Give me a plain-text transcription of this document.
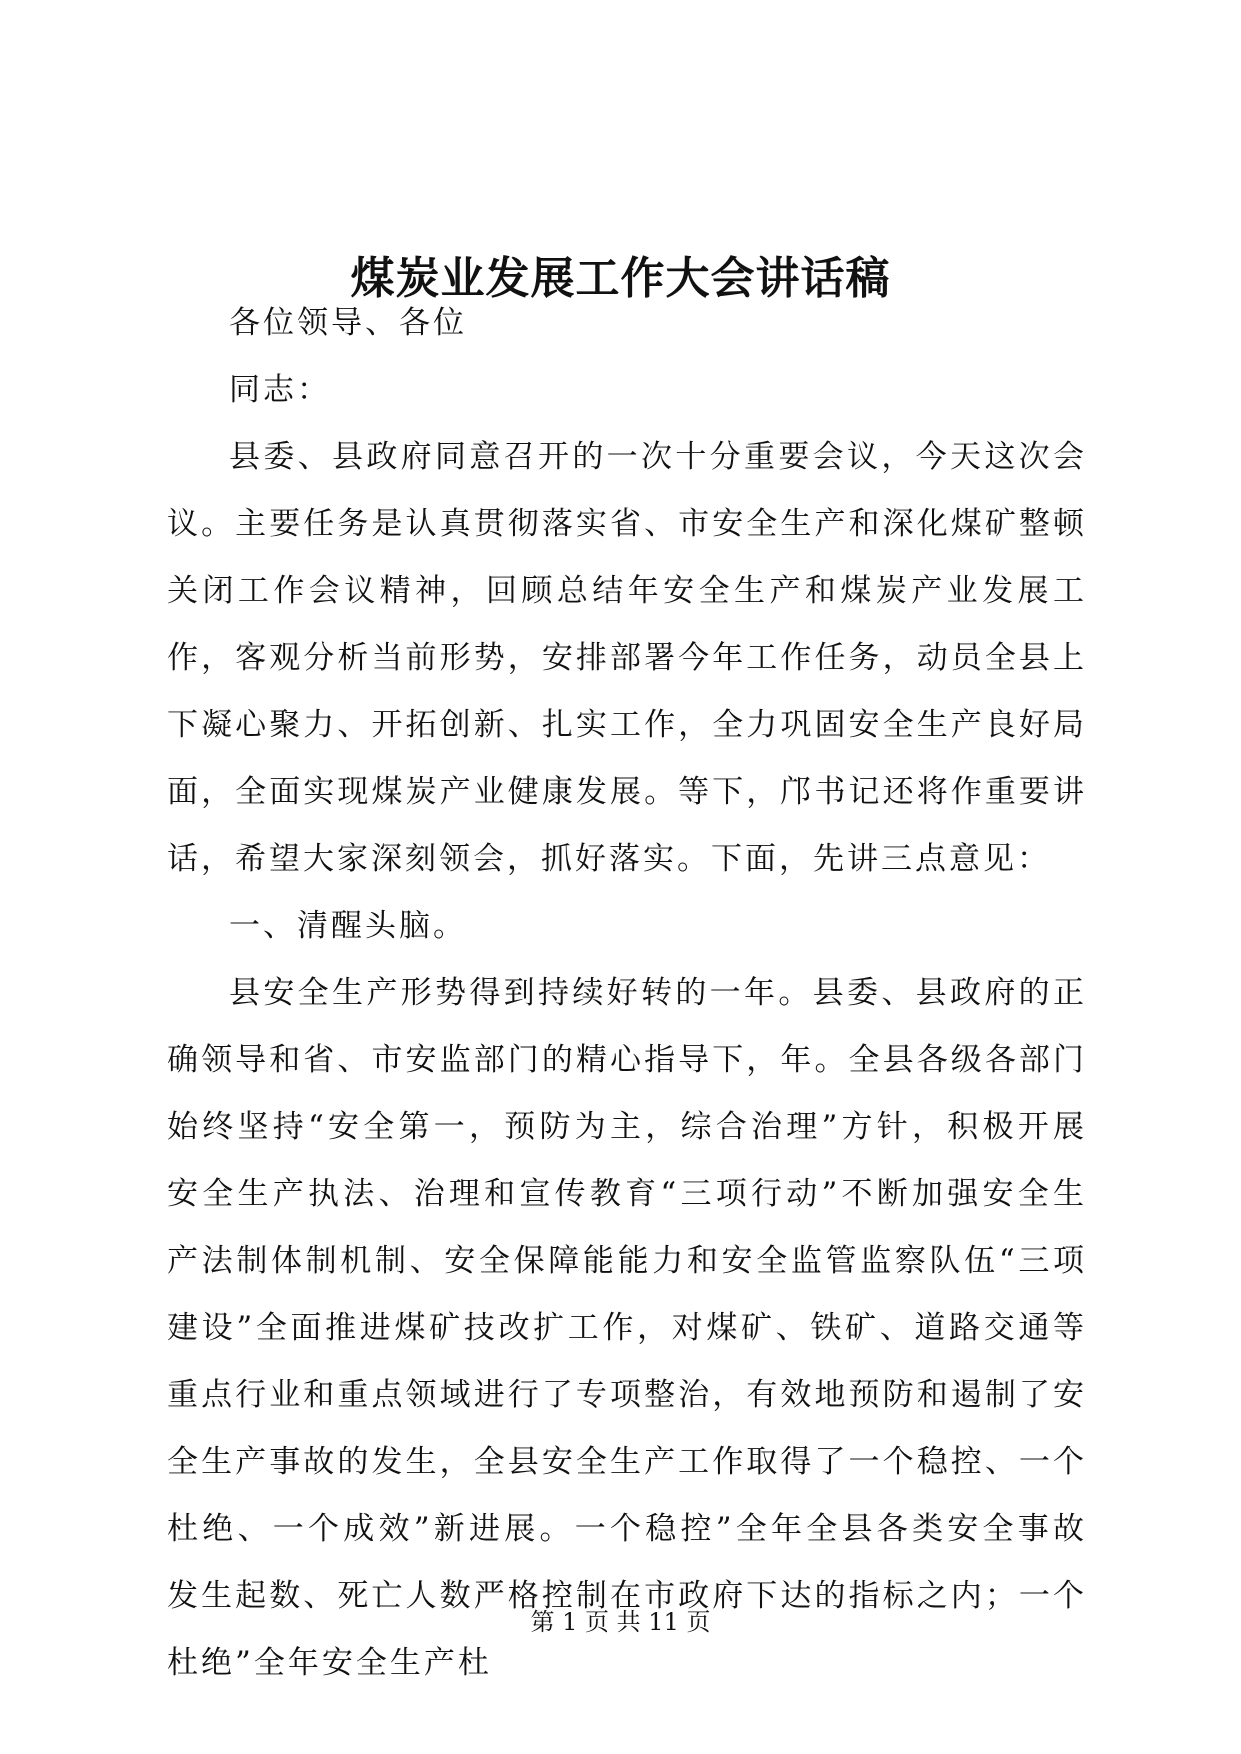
煤炭业发展工作大会讲话稿

各位领导、各位

同志：

县委、县政府同意召开的一次十分重要会议，今天这次会议。主要任务是认真贯彻落实省、市安全生产和深化煤矿整顿关闭工作会议精神，回顾总结年安全生产和煤炭产业发展工作，客观分析当前形势，安排部署今年工作任务，动员全县上下凝心聚力、开拓创新、扎实工作，全力巩固安全生产良好局面，全面实现煤炭产业健康发展。等下，邝书记还将作重要讲话，希望大家深刻领会，抓好落实。下面，先讲三点意见：

一、清醒头脑。

县安全生产形势得到持续好转的一年。县委、县政府的正确领导和省、市安监部门的精心指导下，年。全县各级各部门始终坚持“安全第一，预防为主，综合治理”方针，积极开展安全生产执法、治理和宣传教育“三项行动”不断加强安全生产法制体制机制、安全保障能能力和安全监管监察队伍“三项建设”全面推进煤矿技改扩工作，对煤矿、铁矿、道路交通等重点行业和重点领域进行了专项整治，有效地预防和遏制了安全生产事故的发生，全县安全生产工作取得了一个稳控、一个杜绝、一个成效”新进展。一个稳控”全年全县各类安全事故发生起数、死亡人数严格控制在市政府下达的指标之内；一个杜绝”全年安全生产杜

第 1 页 共 11 页
